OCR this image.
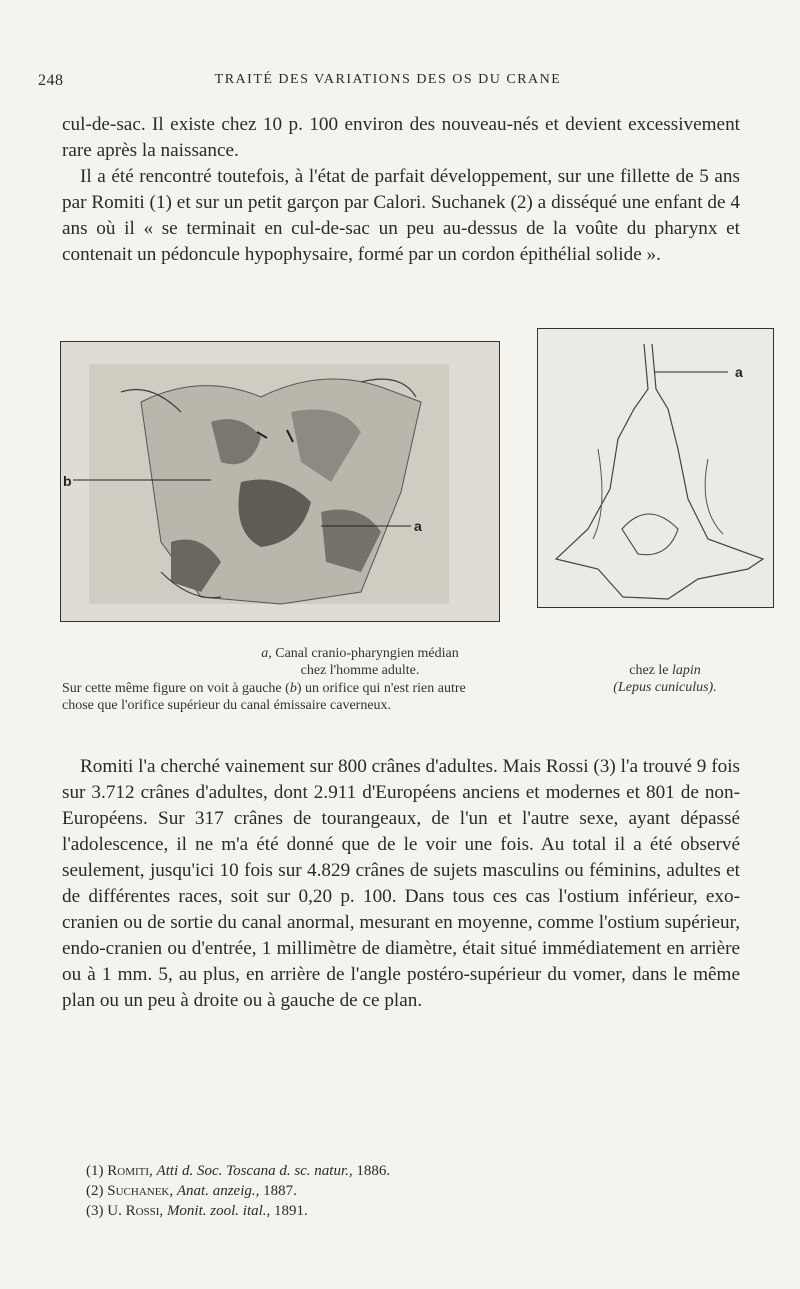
248	TRAITÉ DES VARIATIONS DES OS DU CRANE

cul-de-sac. Il existe chez 10 p. 100 environ des nouveau-nés et devient excessivement rare après la naissance.
Il a été rencontré toutefois, à l'état de parfait développement, sur une fillette de 5 ans par Romiti (1) et sur un petit garçon par Calori. Suchanek (2) a disséqué une enfant de 4 ans où il « se terminait en cul-de-sac un peu au-dessus de la voûte du pharynx et contenait un pédoncule hypophysaire, formé par un cordon épithélial solide ».

b
a
a
a, Canal cranio-pharyngien médian
chez l'homme adulte.	chez le lapin
(Lepus cuniculus).
Sur cette même figure on voit à gauche (b) un orifice qui n'est rien autre chose que l'orifice supérieur du canal émissaire caverneux.

Romiti l'a cherché vainement sur 800 crânes d'adultes. Mais Rossi (3) l'a trouvé 9 fois sur 3.712 crânes d'adultes, dont 2.911 d'Européens anciens et modernes et 801 de non-Européens. Sur 317 crânes de tourangeaux, de l'un et l'autre sexe, ayant dépassé l'adolescence, il ne m'a été donné que de le voir une fois. Au total il a été observé seulement, jusqu'ici 10 fois sur 4.829 crânes de sujets masculins ou féminins, adultes et de différentes races, soit sur 0,20 p. 100. Dans tous ces cas l'ostium inférieur, exo-cranien ou de sortie du canal anormal, mesurant en moyenne, comme l'ostium supérieur, endo-cranien ou d'entrée, 1 millimètre de diamètre, était situé immédiatement en arrière ou à 1 mm. 5, au plus, en arrière de l'angle postéro-supérieur du vomer, dans le même plan ou un peu à droite ou à gauche de ce plan.

(1) Romiti, Atti d. Soc. Toscana d. sc. natur., 1886.
(2) Suchanek, Anat. anzeig., 1887.
(3) U. Rossi, Monit. zool. ital., 1891.
